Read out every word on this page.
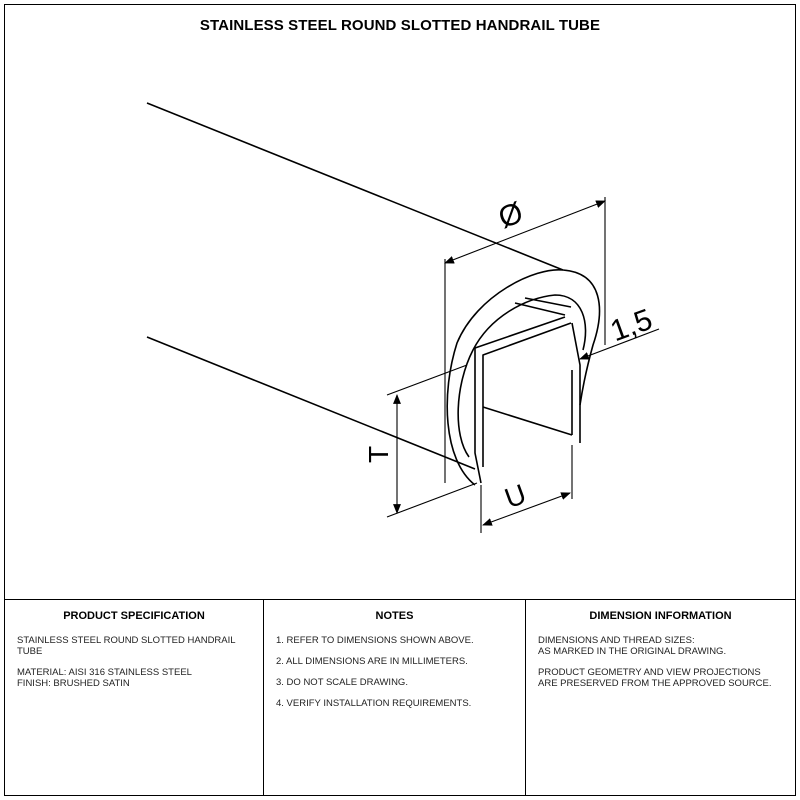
STAINLESS STEEL ROUND SLOTTED HANDRAIL TUBE
Ø
1,5
T
U
PRODUCT SPECIFICATION

STAINLESS STEEL ROUND SLOTTED HANDRAIL
TUBE

MATERIAL: AISI 316 STAINLESS STEEL
FINISH: BRUSHED SATIN

NOTES

1. REFER TO DIMENSIONS SHOWN ABOVE.

2. ALL DIMENSIONS ARE IN MILLIMETERS.

3. DO NOT SCALE DRAWING.

4. VERIFY INSTALLATION REQUIREMENTS.

DIMENSION INFORMATION

DIMENSIONS AND THREAD SIZES:
AS MARKED IN THE ORIGINAL DRAWING.

PRODUCT GEOMETRY AND VIEW PROJECTIONS
ARE PRESERVED FROM THE APPROVED SOURCE.
